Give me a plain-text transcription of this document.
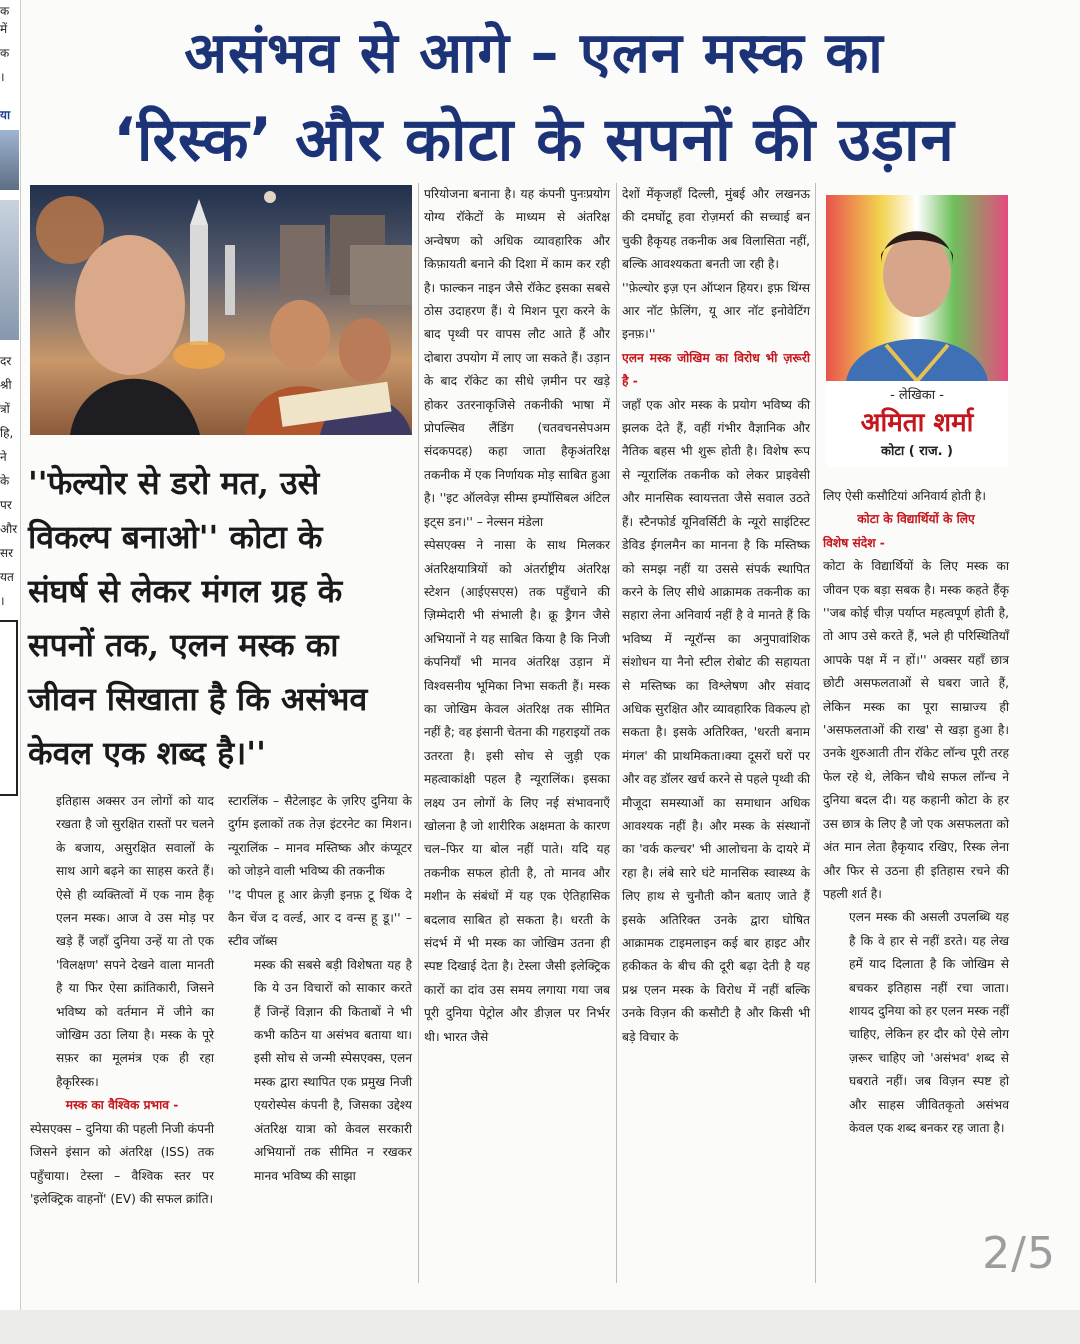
क
में
क
।
या
दर
श्री
त्रों
हि,
ने
के
पर
और
सर
यत
।
असंभव से आगे – एलन मस्क का
‘रिस्क’ और कोटा के सपनों की उड़ान
''फेल्योर से डरो मत, उसे
विकल्प बनाओ'' कोटा के
संघर्ष से लेकर मंगल ग्रह के
सपनों तक, एलन मस्क का
जीवन सिखाता है कि असंभव
केवल एक शब्द है।''

इतिहास अक्सर उन लोगों को याद रखता है जो सुरक्षित रास्तों पर चलने के बजाय, असुरक्षित सवालों के साथ आगे बढ़ने का साहस करते हैं। ऐसे ही व्यक्तित्वों में एक नाम हैकृ एलन मस्क। आज वे उस मोड़ पर खड़े हैं जहाँ दुनिया उन्हें या तो एक 'विलक्षण' सपने देखने वाला मानती है या फिर ऐसा क्रांतिकारी, जिसने भविष्य को वर्तमान में जीने का जोखिम उठा लिया है। मस्क के पूरे सफ़र का मूलमंत्र एक ही रहा हैकृरिस्क।

मस्क का वैश्विक प्रभाव -

स्पेसएक्स – दुनिया की पहली निजी कंपनी जिसने इंसान को अंतरिक्ष (ISS) तक पहुँचाया। टेस्ला – वैश्विक स्तर पर 'इलेक्ट्रिक वाहनों' (EV) की सफल क्रांति।

स्टारलिंक – सैटेलाइट के ज़रिए दुनिया के दुर्गम इलाकों तक तेज़ इंटरनेट का मिशन। न्यूरालिंक – मानव मस्तिष्क और कंप्यूटर को जोड़ने वाली भविष्य की तकनीक

''द पीपल हू आर क्रेज़ी इनफ़ टू थिंक दे कैन चेंज द वर्ल्ड, आर द वन्स हू डू।'' – स्टीव जॉब्स

मस्क की सबसे बड़ी विशेषता यह है कि ये उन विचारों को साकार करते हैं जिन्हें विज्ञान की किताबों ने भी कभी कठिन या असंभव बताया था। इसी सोच से जन्मी स्पेसएक्स, एलन मस्क द्वारा स्थापित एक प्रमुख निजी एयरोस्पेस कंपनी है, जिसका उद्देश्य अंतरिक्ष यात्रा को केवल सरकारी अभियानों तक सीमित न रखकर मानव भविष्य की साझा

परियोजना बनाना है। यह कंपनी पुनःप्रयोग योग्य रॉकेटों के माध्यम से अंतरिक्ष अन्वेषण को अधिक व्यावहारिक और किफ़ायती बनाने की दिशा में काम कर रही है। फाल्कन नाइन जैसे रॉकेट इसका सबसे ठोस उदाहरण हैं। ये मिशन पूरा करने के बाद पृथ्वी पर वापस लौट आते हैं और दोबारा उपयोग में लाए जा सकते हैं। उड़ान के बाद रॉकेट का सीधे ज़मीन पर खड़े होकर उतरनाकृजिसे तकनीकी भाषा में प्रोपल्सिव लैंडिंग (चतवचनसेपअम संदकपदह) कहा जाता हैकृअंतरिक्ष तकनीक में एक निर्णायक मोड़ साबित हुआ है। ''इट ऑलवेज़ सीम्स इम्पॉसिबल अंटिल इट्स डन।'' – नेल्सन मंडेला

स्पेसएक्स ने नासा के साथ मिलकर अंतरिक्षयात्रियों को अंतर्राष्ट्रीय अंतरिक्ष स्टेशन (आईएसएस) तक पहुँचाने की ज़िम्मेदारी भी संभाली है। क्रू ड्रैगन जैसे अभियानों ने यह साबित किया है कि निजी कंपनियाँ भी मानव अंतरिक्ष उड़ान में विश्वसनीय भूमिका निभा सकती हैं। मस्क का जोखिम केवल अंतरिक्ष तक सीमित नहीं है; वह इंसानी चेतना की गहराइयों तक उतरता है। इसी सोच से जुड़ी एक महत्वाकांक्षी पहल है न्यूरालिंक। इसका लक्ष्य उन लोगों के लिए नई संभावनाएँ खोलना है जो शारीरिक अक्षमता के कारण चल–फिर या बोल नहीं पाते। यदि यह तकनीक सफल होती है, तो मानव और मशीन के संबंधों में यह एक ऐतिहासिक बदलाव साबित हो सकता है। धरती के संदर्भ में भी मस्क का जोखिम उतना ही स्पष्ट दिखाई देता है। टेस्ला जैसी इलेक्ट्रिक कारों का दांव उस समय लगाया गया जब पूरी दुनिया पेट्रोल और डीज़ल पर निर्भर थी। भारत जैसे

देशों मेंकृजहाँ दिल्ली, मुंबई और लखनऊ की दमघोंटू हवा रोज़मर्रा की सच्चाई बन चुकी हैकृयह तकनीक अब विलासिता नहीं, बल्कि आवश्यकता बनती जा रही है।

''फ़ेल्योर इज़ एन ऑप्शन हियर। इफ़ थिंग्स आर नॉट फ़ेलिंग, यू आर नॉट इनोवेटिंग इनफ़।''

एलन मस्क जोखिम का विरोध भी ज़रूरी है -

जहाँ एक ओर मस्क के प्रयोग भविष्य की झलक देते हैं, वहीं गंभीर वैज्ञानिक और नैतिक बहस भी शुरू होती है। विशेष रूप से न्यूरालिंक तकनीक को लेकर प्राइवेसी और मानसिक स्वायत्तता जैसे सवाल उठते हैं। स्टैनफोर्ड यूनिवर्सिटी के न्यूरो साइंटिस्ट डेविड ईगलमैन का मानना है कि मस्तिष्क को समझ नहीं या उससे संपर्क स्थापित करने के लिए सीधे आक्रामक तकनीक का सहारा लेना अनिवार्य नहीं है वे मानते हैं कि भविष्य में न्यूरॉन्स का अनुपावांशिक संशोधन या नैनो स्टील रोबोट की सहायता से मस्तिष्क का विश्लेषण और संवाद अधिक सुरक्षित और व्यावहारिक विकल्प हो सकता है। इसके अतिरिक्त, 'धरती बनाम मंगल' की प्राथमिकता।क्या दूसरों घरों पर और वह डॉलर खर्च करने से पहले पृथ्वी की मौजूदा समस्याओं का समाधान अधिक आवश्यक नहीं है। और मस्क के संस्थानों का 'वर्क कल्चर' भी आलोचना के दायरे में रहा है। लंबे सारे घंटे मानसिक स्वास्थ्य के लिए हाथ से चुनौती कौन बताए जाते हैं इसके अतिरिक्त उनके द्वारा घोषित आक्रामक टाइमलाइन कई बार हाइट और हकीकत के बीच की दूरी बढ़ा देती है यह प्रश्न एलन मस्क के विरोध में नहीं बल्कि उनके विज़न की कसौटी है और किसी भी बड़े विचार के

- लेखिका -
अमिता शर्मा
कोटा ( राज. )

लिए ऐसी कसौटियां अनिवार्य होती है।

कोटा के विद्यार्थियों के लिए
विशेष संदेश -

कोटा के विद्यार्थियों के लिए मस्क का जीवन एक बड़ा सबक है। मस्क कहते हैंकृ ''जब कोई चीज़ पर्याप्त महत्वपूर्ण होती है, तो आप उसे करते हैं, भले ही परिस्थितियाँ आपके पक्ष में न हों।'' अक्सर यहाँ छात्र छोटी असफलताओं से घबरा जाते हैं, लेकिन मस्क का पूरा साम्राज्य ही 'असफलताओं की राख' से खड़ा हुआ है। उनके शुरुआती तीन रॉकेट लॉन्च पूरी तरह फेल रहे थे, लेकिन चौथे सफल लॉन्च ने दुनिया बदल दी। यह कहानी कोटा के हर उस छात्र के लिए है जो एक असफलता को अंत मान लेता हैकृयाद रखिए, रिस्क लेना और फिर से उठना ही इतिहास रचने की पहली शर्त है।

एलन मस्क की असली उपलब्धि यह है कि वे हार से नहीं डरते। यह लेख हमें याद दिलाता है कि जोखिम से बचकर इतिहास नहीं रचा जाता। शायद दुनिया को हर एलन मस्क नहीं चाहिए, लेकिन हर दौर को ऐसे लोग ज़रूर चाहिए जो 'असंभव' शब्द से घबराते नहीं। जब विज़न स्पष्ट हो और साहस जीवितकृतो असंभव केवल एक शब्द बनकर रह जाता है।

2/5
